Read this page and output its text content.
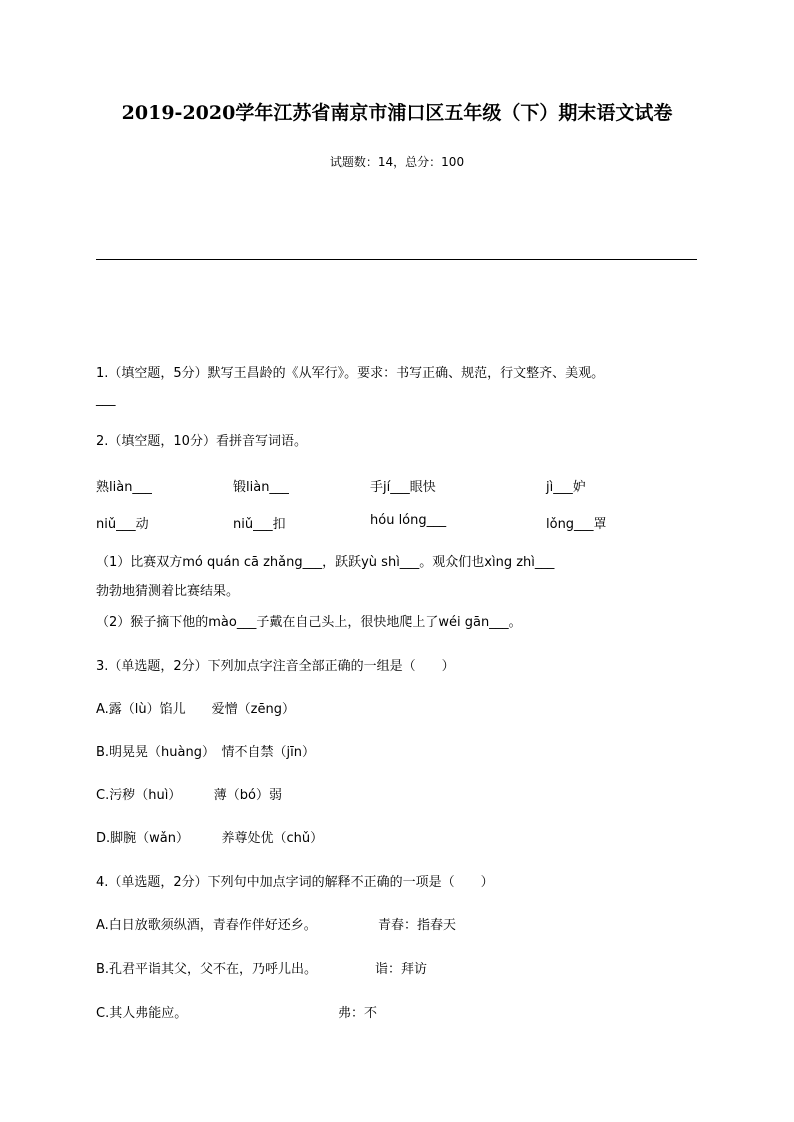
2019-2020学年江苏省南京市浦口区五年级（下）期末语文试卷
试题数：14，总分：100
1.（填空题，5分）默写王昌龄的《从军行》。要求：书写正确、规范，行文整齐、美观。
___
2.（填空题，10分）看拼音写词语。
熟liàn___	锻liàn___	手jí___眼快	jì___妒
niǔ___动	niǔ___扣	hóu lóng___	lǒng___罩
（1）比赛双方mó quán cā zhǎng___，跃跃yù shì___。观众们也xìng zhì___
勃勃地猜测着比赛结果。
（2）猴子摘下他的mào___子戴在自己头上，很快地爬上了wéi gān___。
3.（单选题，2分）下列加点字注音全部正确的一组是（　　）
A.露（lù）馅儿　　爱憎（zēng）
B.明晃晃（huàng）　情不自禁（jīn）
C.污秽（huì）　　　薄（bó）弱
D.脚腕（wǎn）　　　养尊处优（chǔ）
4.（单选题，2分）下列句中加点字词的解释不正确的一项是（　　）
A.白日放歌须纵酒，青春作伴好还乡。	青春：指春天
B.孔君平诣其父，父不在，乃呼儿出。	诣：拜访
C.其人弗能应。	弗：不
